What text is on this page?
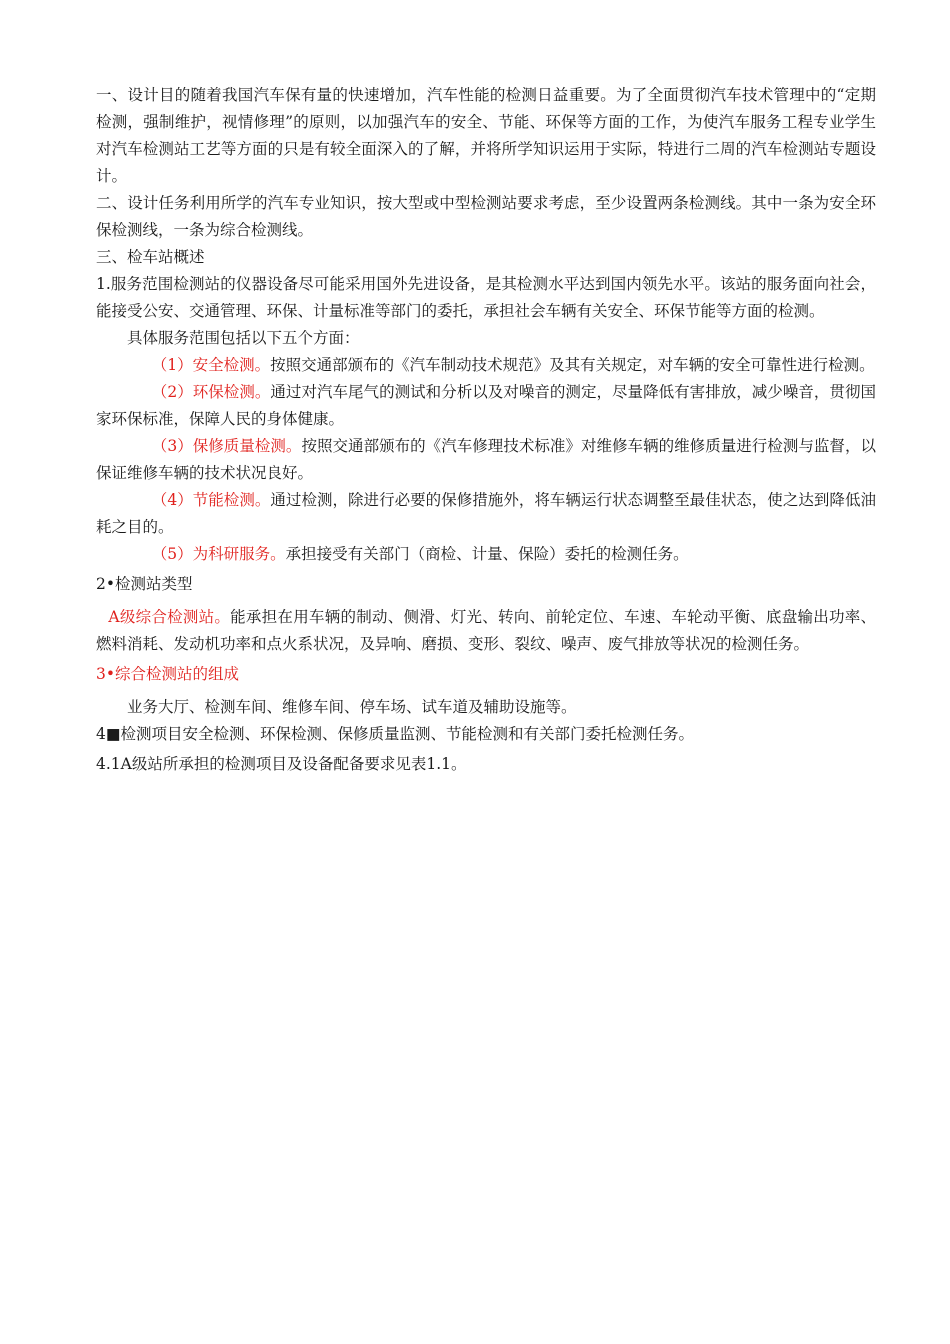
一、设计目的随着我国汽车保有量的快速增加，汽车性能的检测日益重要。为了全面贯彻汽车技术管理中的“定期检测，强制维护，视情修理”的原则，以加强汽车的安全、节能、环保等方面的工作，为使汽车服务工程专业学生对汽车检测站工艺等方面的只是有较全面深入的了解，并将所学知识运用于实际，特进行二周的汽车检测站专题设计。

二、设计任务利用所学的汽车专业知识，按大型或中型检测站要求考虑，至少设置两条检测线。其中一条为安全环保检测线，一条为综合检测线。

三、检车站概述

1.服务范围检测站的仪器设备尽可能采用国外先进设备，是其检测水平达到国内领先水平。该站的服务面向社会，能接受公安、交通管理、环保、计量标准等部门的委托，承担社会车辆有关安全、环保节能等方面的检测。

具体服务范围包括以下五个方面：

（1）安全检测。按照交通部颁布的《汽车制动技术规范》及其有关规定，对车辆的安全可靠性进行检测。

（2）环保检测。通过对汽车尾气的测试和分析以及对噪音的测定，尽量降低有害排放，减少噪音，贯彻国家环保标准，保障人民的身体健康。

（3）保修质量检测。按照交通部颁布的《汽车修理技术标准》对维修车辆的维修质量进行检测与监督，以保证维修车辆的技术状况良好。

（4）节能检测。通过检测，除进行必要的保修措施外，将车辆运行状态调整至最佳状态，使之达到降低油耗之目的。

（5）为科研服务。承担接受有关部门（商检、计量、保险）委托的检测任务。

2•检测站类型

A级综合检测站。能承担在用车辆的制动、侧滑、灯光、转向、前轮定位、车速、车轮动平衡、底盘输出功率、燃料消耗、发动机功率和点火系状况，及异响、磨损、变形、裂纹、噪声、废气排放等状况的检测任务。

3•综合检测站的组成

业务大厅、检测车间、维修车间、停车场、试车道及辅助设施等。

4■检测项目安全检测、环保检测、保修质量监测、节能检测和有关部门委托检测任务。

4.1A级站所承担的检测项目及设备配备要求见表1.1。
